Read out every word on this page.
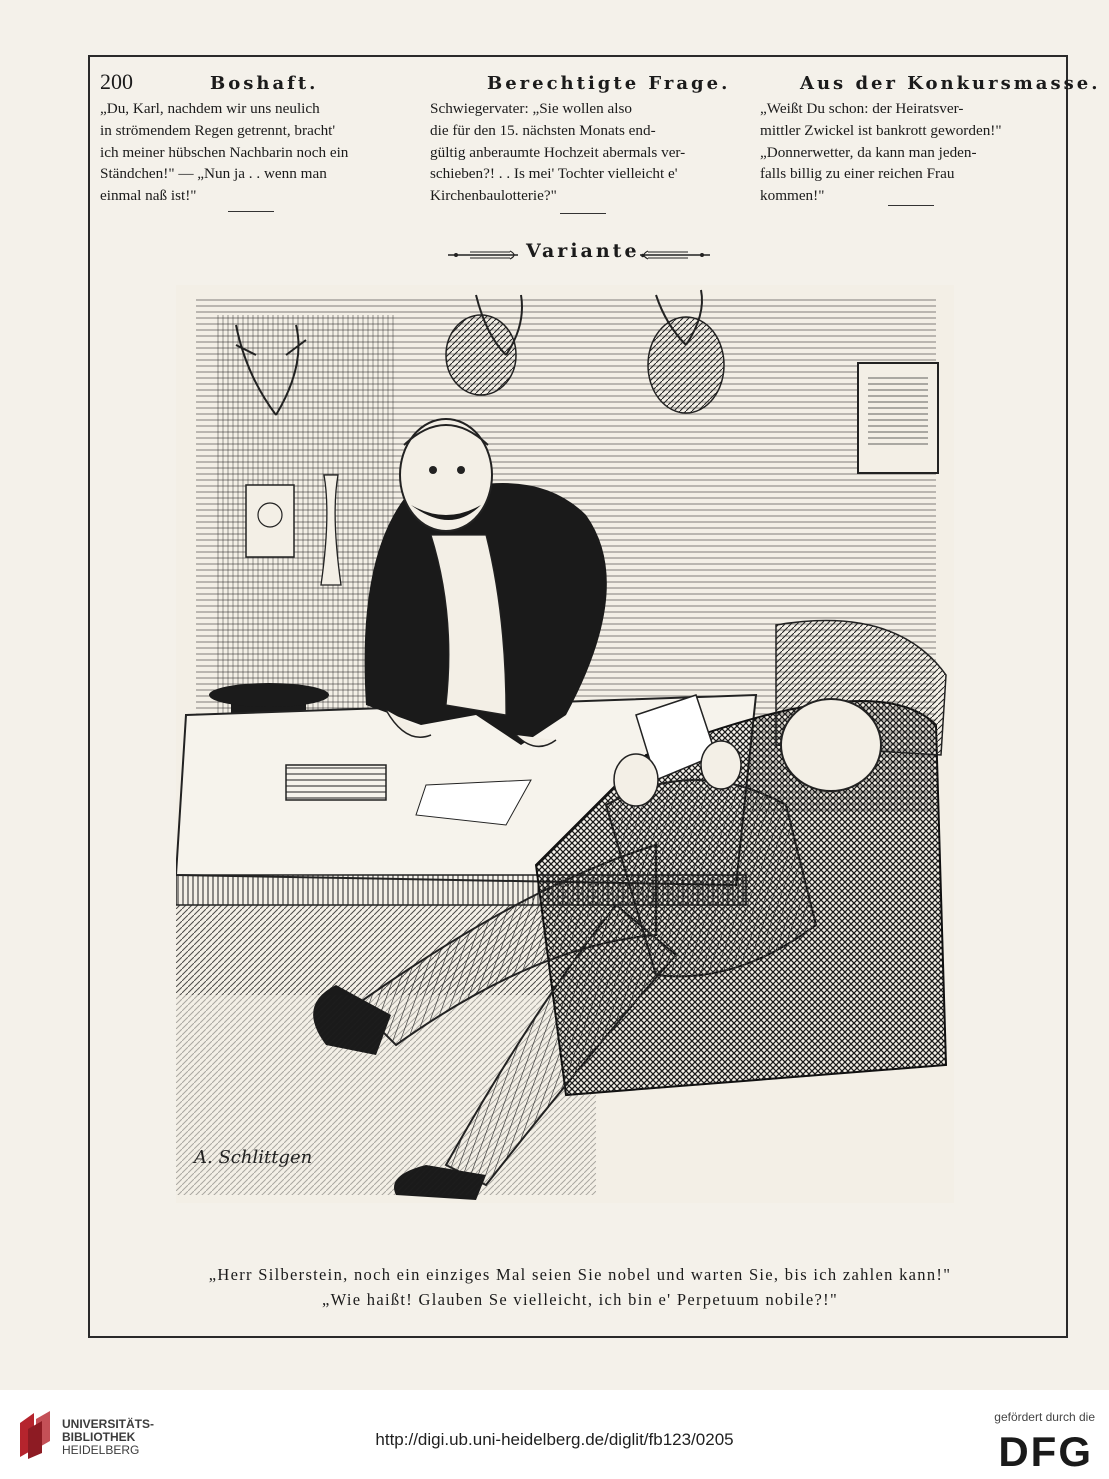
200	Boshaft.
„Du, Karl, nachdem wir uns neulich
in strömendem Regen getrennt, bracht'
ich meiner hübschen Nachbarin noch ein
Ständchen!" — „Nun ja . . wenn man
einmal naß ist!"
Berechtigte Frage.
Schwiegervater: „Sie wollen also
die für den 15. nächsten Monats end-
gültig anberaumte Hochzeit abermals ver-
schieben?! . . Is mei' Tochter vielleicht e'
Kirchenbaulotterie?"
Aus der Konkursmasse.
„Weißt Du schon: der Heiratsver-
mittler Zwickel ist bankrott geworden!"
„Donnerwetter, da kann man jeden-
falls billig zu einer reichen Frau
kommen!"
Variante.
A. Schlittgen
„Herr Silberstein, noch ein einziges Mal seien Sie nobel und warten Sie, bis ich zahlen kann!"
„Wie haißt! Glauben Se vielleicht, ich bin e' Perpetuum nobile?!"
UNIVERSITÄTS-
BIBLIOTHEK
HEIDELBERG
http://digi.ub.uni-heidelberg.de/diglit/fb123/0205
gefördert durch die
DFG
